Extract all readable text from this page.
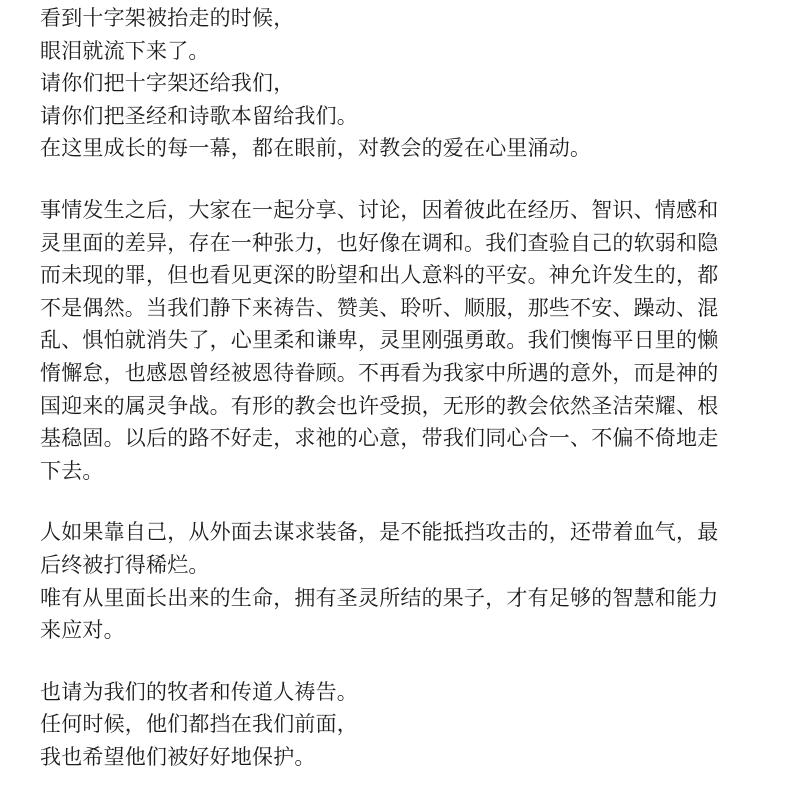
看到十字架被抬走的时候，
眼泪就流下来了。
请你们把十字架还给我们，
请你们把圣经和诗歌本留给我们。
在这里成长的每一幕，都在眼前，对教会的爱在心里涌动。
事情发生之后，大家在一起分享、讨论，因着彼此在经历、智识、情感和
灵里面的差异，存在一种张力，也好像在调和。我们查验自己的软弱和隐
而未现的罪，但也看见更深的盼望和出人意料的平安。神允许发生的，都
不是偶然。当我们静下来祷告、赞美、聆听、顺服，那些不安、躁动、混
乱、惧怕就消失了，心里柔和谦卑，灵里刚强勇敢。我们懊悔平日里的懒
惰懈怠，也感恩曾经被恩待眷顾。不再看为我家中所遇的意外，而是神的
国迎来的属灵争战。有形的教会也许受损，无形的教会依然圣洁荣耀、根
基稳固。以后的路不好走，求祂的心意，带我们同心合一、不偏不倚地走
下去。
人如果靠自己，从外面去谋求装备，是不能抵挡攻击的，还带着血气，最
后终被打得稀烂。
唯有从里面长出来的生命，拥有圣灵所结的果子，才有足够的智慧和能力
来应对。
也请为我们的牧者和传道人祷告。
任何时候，他们都挡在我们前面，
我也希望他们被好好地保护。
